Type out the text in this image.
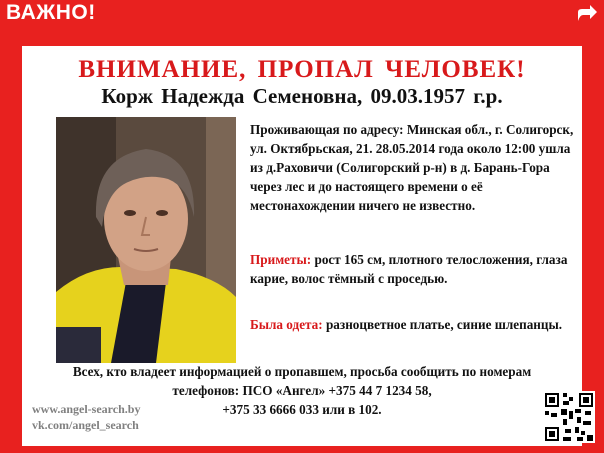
ВАЖНО!
ВНИМАНИЕ, ПРОПАЛ ЧЕЛОВЕК!
Корж Надежда Семеновна, 09.03.1957 г.р.
Проживающая по адресу: Минская обл., г. Солигорск, ул. Октябрьская, 21. 28.05.2014 года около 12:00 ушла из д.Раховичи (Солигорский р-н) в д. Барань-Гора через лес и до настоящего времени о её местонахождении ничего не известно.
Приметы: рост 165 см, плотного телосложения, глаза карие, волос тёмный с проседью.
Была одета: разноцветное платье, синие шлепанцы.
Всех, кто владеет информацией о пропавшем, просьба сообщить по номерам
телефонов: ПСО «Ангел» +375 44 7 1234 58,
+375 33 6666 033 или в 102.
www.angel-search.by
vk.com/angel_search
